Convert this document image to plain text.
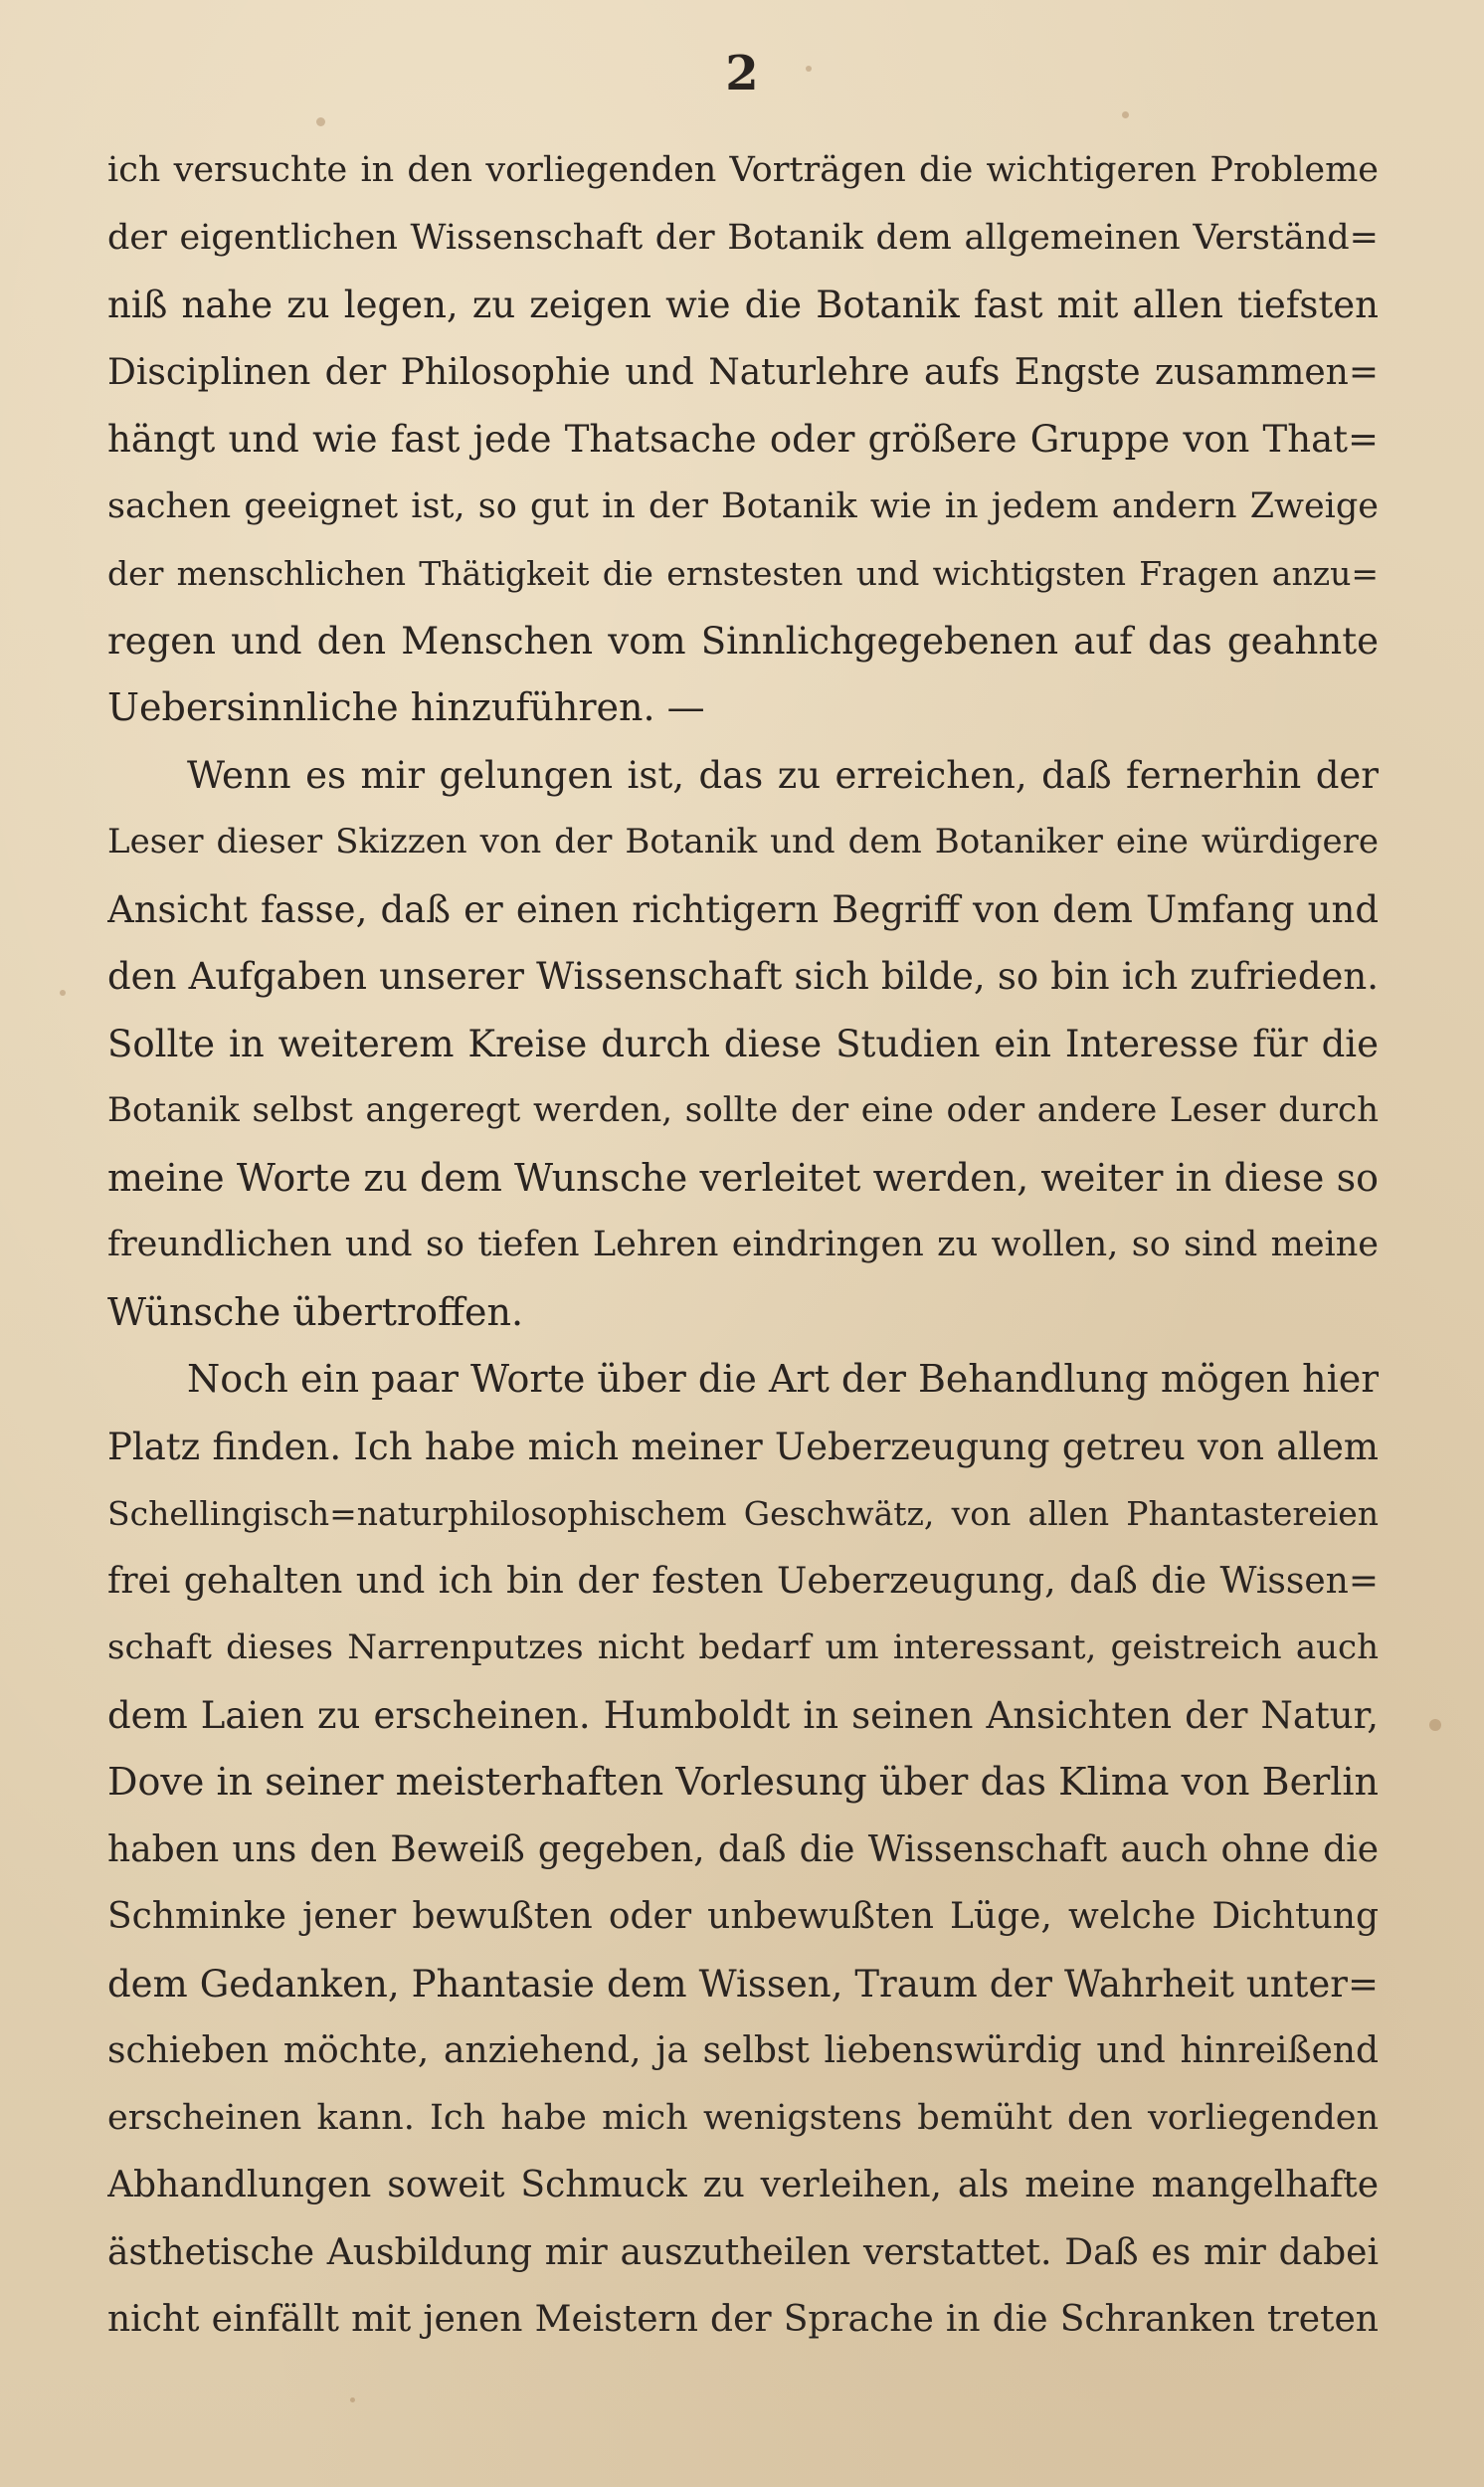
2
ich versuchte in den vorliegenden Vorträgen die wichtigeren Probleme
der eigentlichen Wissenschaft der Botanik dem allgemeinen Verständ=
niß nahe zu legen, zu zeigen wie die Botanik fast mit allen tiefsten
Disciplinen der Philosophie und Naturlehre aufs Engste zusammen=
hängt und wie fast jede Thatsache oder größere Gruppe von That=
sachen geeignet ist, so gut in der Botanik wie in jedem andern Zweige
der menschlichen Thätigkeit die ernstesten und wichtigsten Fragen anzu=
regen und den Menschen vom Sinnlichgegebenen auf das geahnte
Uebersinnliche hinzuführen. —
Wenn es mir gelungen ist, das zu erreichen, daß fernerhin der
Leser dieser Skizzen von der Botanik und dem Botaniker eine würdigere
Ansicht fasse, daß er einen richtigern Begriff von dem Umfang und
den Aufgaben unserer Wissenschaft sich bilde, so bin ich zufrieden.
Sollte in weiterem Kreise durch diese Studien ein Interesse für die
Botanik selbst angeregt werden, sollte der eine oder andere Leser durch
meine Worte zu dem Wunsche verleitet werden, weiter in diese so
freundlichen und so tiefen Lehren eindringen zu wollen, so sind meine
Wünsche übertroffen.
Noch ein paar Worte über die Art der Behandlung mögen hier
Platz finden. Ich habe mich meiner Ueberzeugung getreu von allem
Schellingisch=naturphilosophischem Geschwätz, von allen Phantastereien
frei gehalten und ich bin der festen Ueberzeugung, daß die Wissen=
schaft dieses Narrenputzes nicht bedarf um interessant, geistreich auch
dem Laien zu erscheinen. Humboldt in seinen Ansichten der Natur,
Dove in seiner meisterhaften Vorlesung über das Klima von Berlin
haben uns den Beweiß gegeben, daß die Wissenschaft auch ohne die
Schminke jener bewußten oder unbewußten Lüge, welche Dichtung
dem Gedanken, Phantasie dem Wissen, Traum der Wahrheit unter=
schieben möchte, anziehend, ja selbst liebenswürdig und hinreißend
erscheinen kann. Ich habe mich wenigstens bemüht den vorliegenden
Abhandlungen soweit Schmuck zu verleihen, als meine mangelhafte
ästhetische Ausbildung mir auszutheilen verstattet. Daß es mir dabei
nicht einfällt mit jenen Meistern der Sprache in die Schranken treten
